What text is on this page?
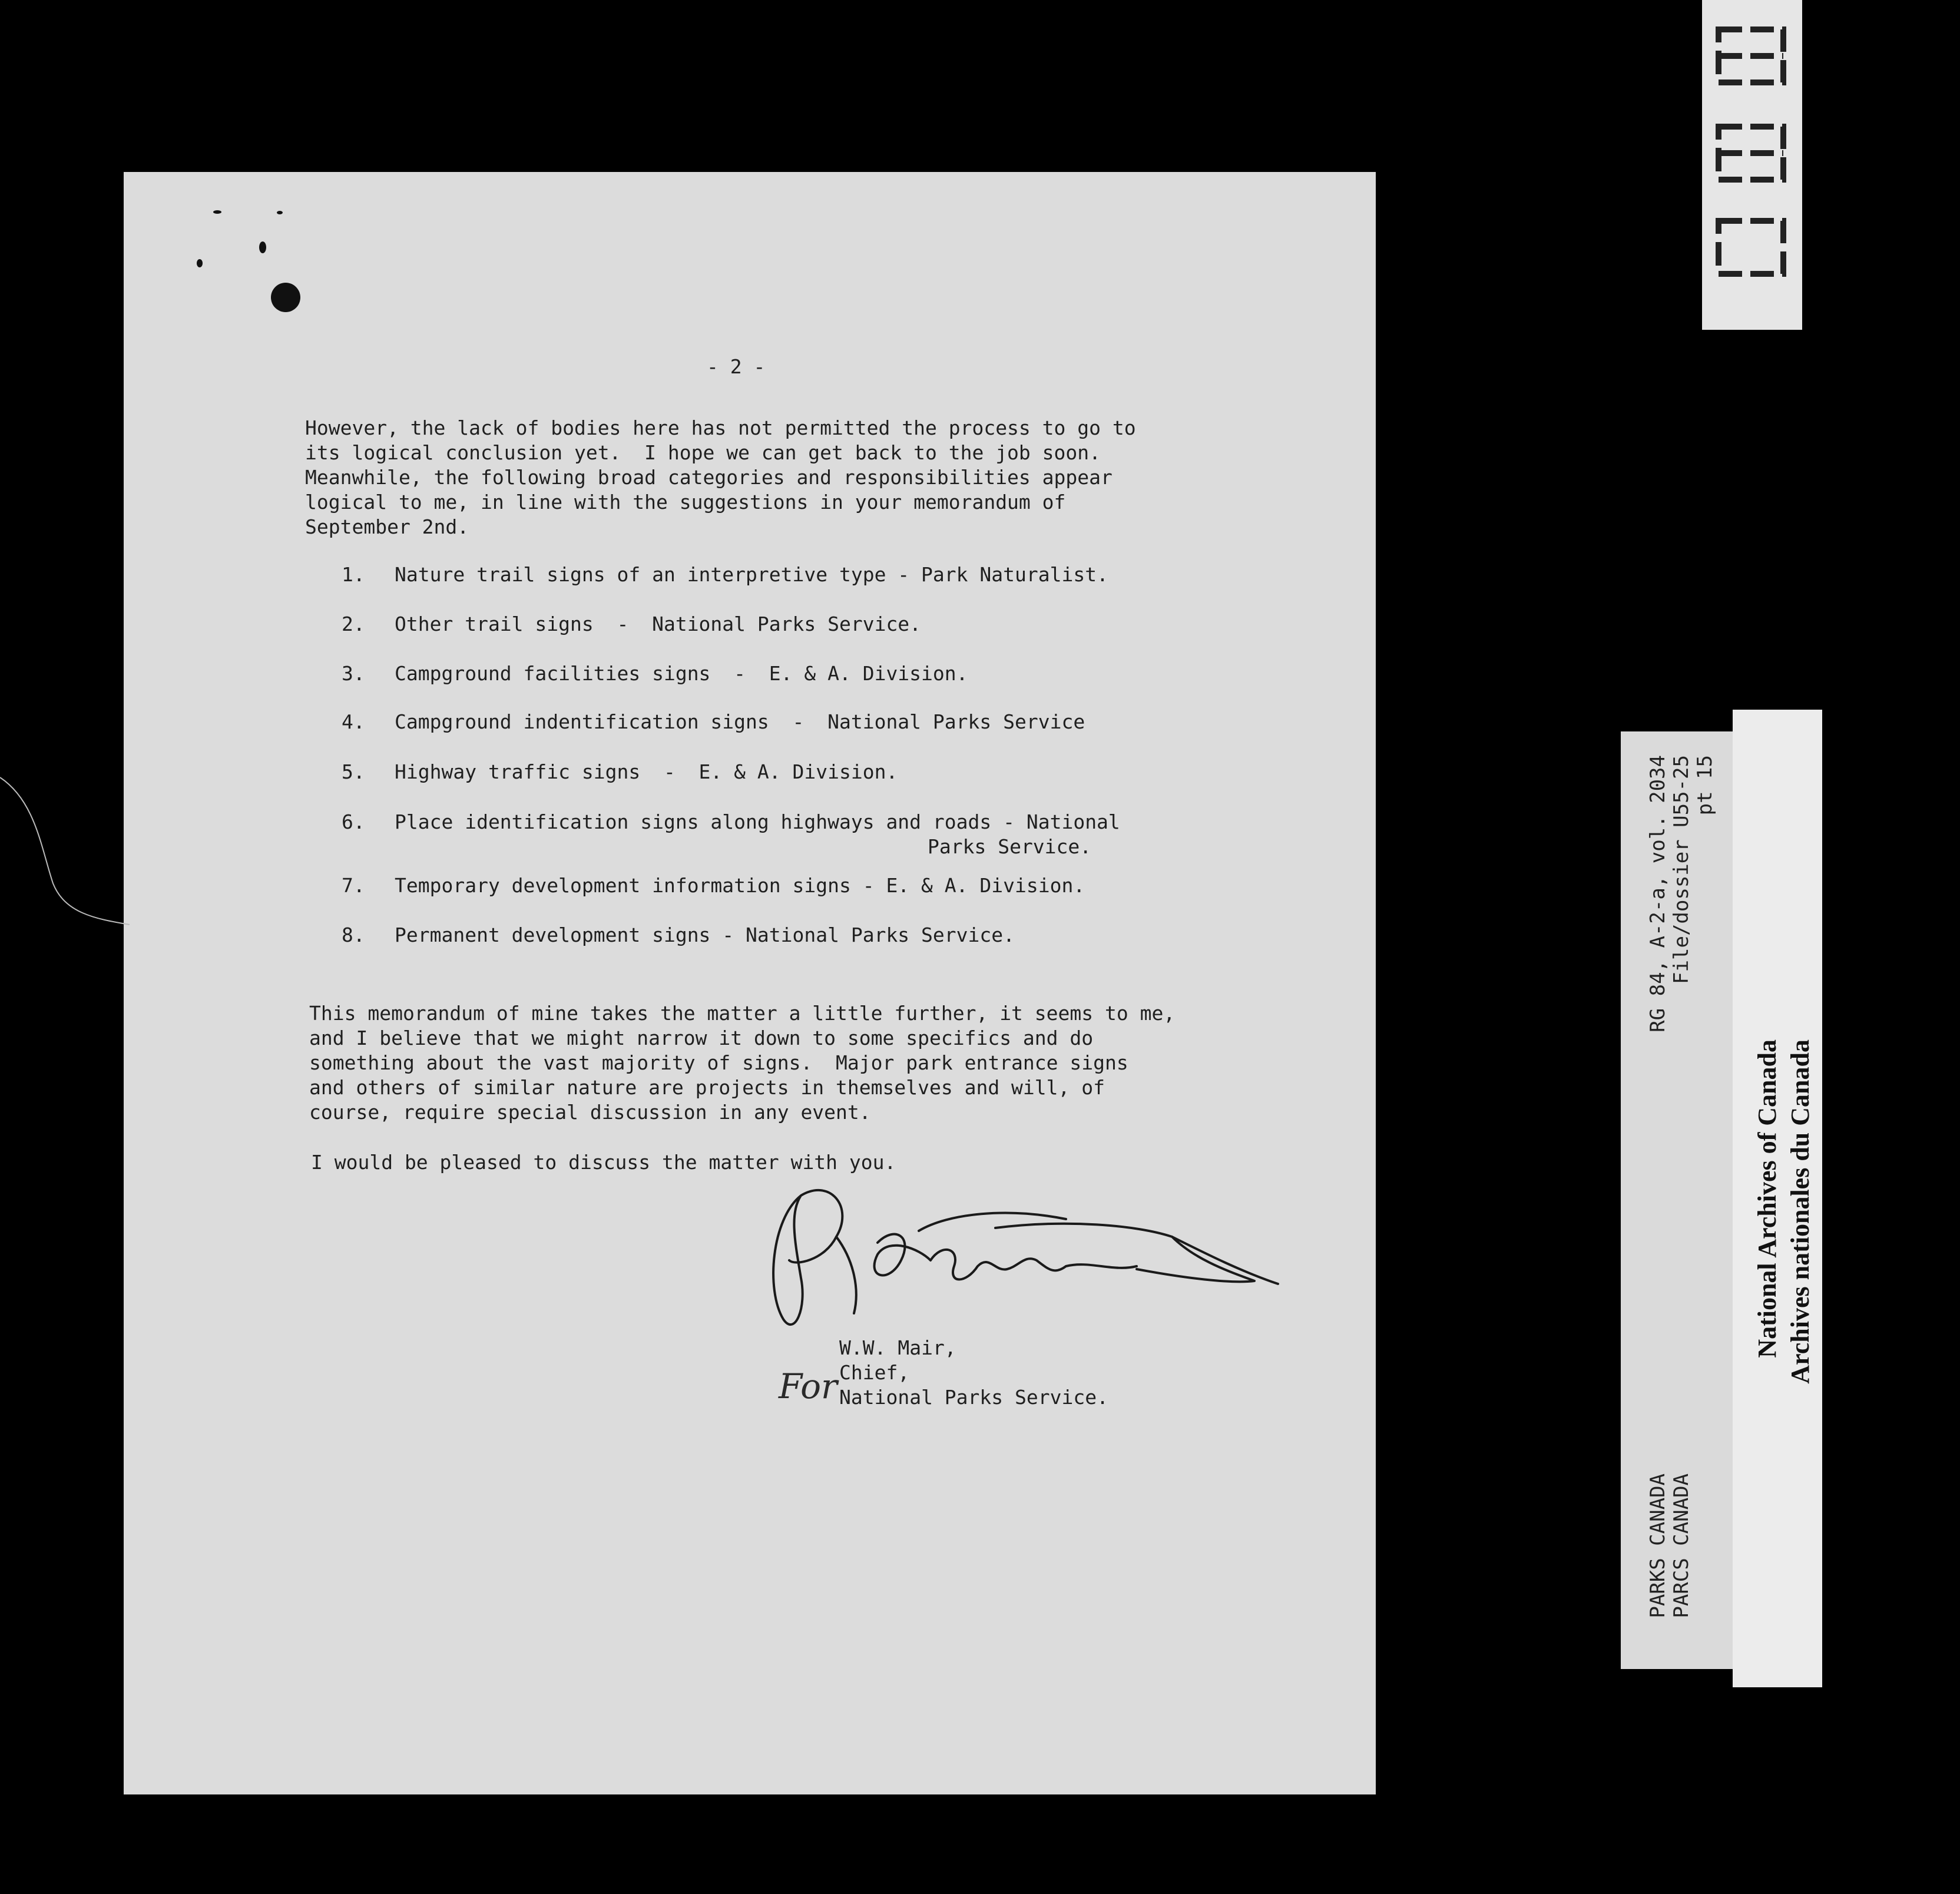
- 2 -
However, the lack of bodies here has not permitted the process to go to
its logical conclusion yet.  I hope we can get back to the job soon.
Meanwhile, the following broad categories and responsibilities appear
logical to me, in line with the suggestions in your memorandum of
September 2nd.
1. Nature trail signs of an interpretive type - Park Naturalist.
2. Other trail signs  -  National Parks Service.
3. Campground facilities signs  -  E. & A. Division.
4. Campground indentification signs  -  National Parks Service
5. Highway traffic signs  -  E. & A. Division.
6. Place identification signs along highways and roads - National
Parks Service.
7. Temporary development information signs - E. & A. Division.
8. Permanent development signs - National Parks Service.
This memorandum of mine takes the matter a little further, it seems to me,
and I believe that we might narrow it down to some specifics and do
something about the vast majority of signs.  Major park entrance signs
and others of similar nature are projects in themselves and will, of
course, require special discussion in any event.
I would be pleased to discuss the matter with you.
For
W.W. Mair,
Chief,
National Parks Service.
RG 84, A-2-a, vol. 2034 File/dossier U55-25 pt 15
PARKS CANADA PARCS CANADA
National Archives of Canada Archives nationales du Canada
